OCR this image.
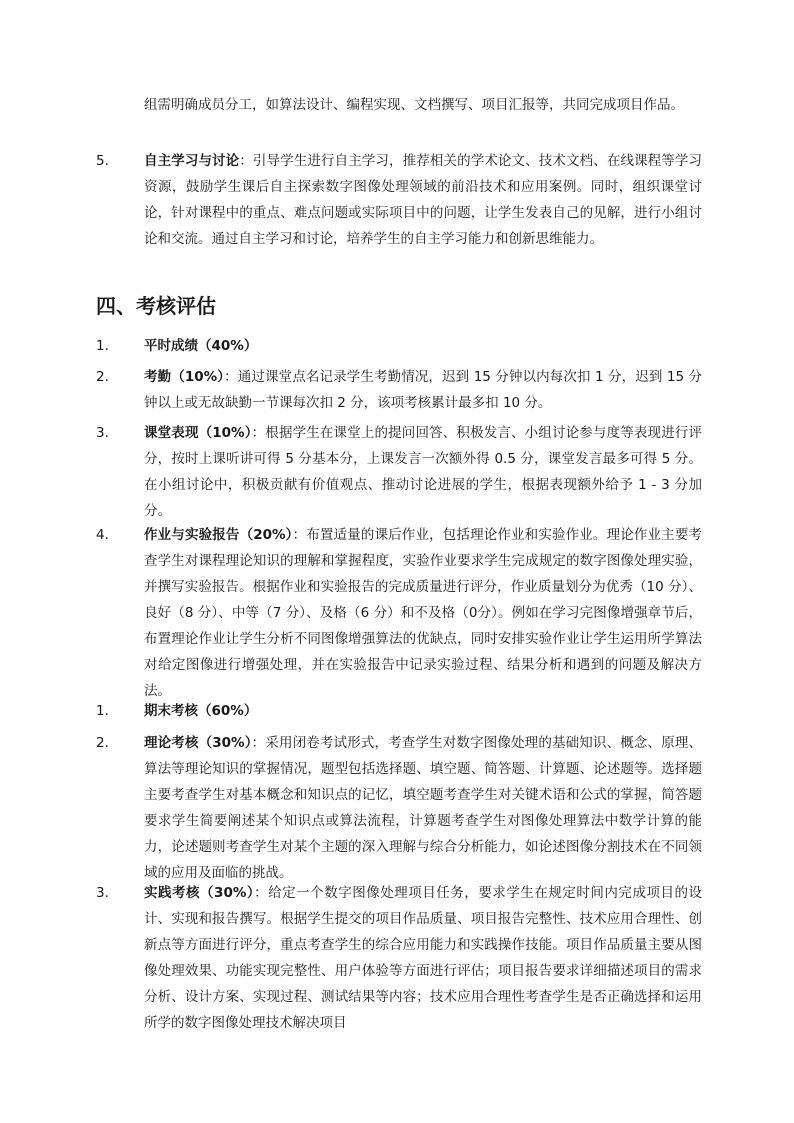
组需明确成员分工，如算法设计、编程实现、文档撰写、项目汇报等，共同完成项目作品。
5.	自主学习与讨论：引导学生进行自主学习，推荐相关的学术论文、技术文档、在线课程等学习资源，鼓励学生课后自主探索数字图像处理领域的前沿技术和应用案例。同时，组织课堂讨论，针对课程中的重点、难点问题或实际项目中的问题，让学生发表自己的见解，进行小组讨论和交流。通过自主学习和讨论，培养学生的自主学习能力和创新思维能力。
四、考核评估
1.	平时成绩（40%）
2.	考勤（10%）：通过课堂点名记录学生考勤情况，迟到 15 分钟以内每次扣 1 分，迟到 15 分钟以上或无故缺勤一节课每次扣 2 分，该项考核累计最多扣 10 分。
3.	课堂表现（10%）：根据学生在课堂上的提问回答、积极发言、小组讨论参与度等表现进行评分，按时上课听讲可得 5 分基本分，上课发言一次额外得 0.5 分，课堂发言最多可得 5 分。在小组讨论中，积极贡献有价值观点、推动讨论进展的学生，根据表现额外给予 1 - 3 分加分。
4.	作业与实验报告（20%）：布置适量的课后作业，包括理论作业和实验作业。理论作业主要考查学生对课程理论知识的理解和掌握程度，实验作业要求学生完成规定的数字图像处理实验，并撰写实验报告。根据作业和实验报告的完成质量进行评分，作业质量划分为优秀（10 分）、良好（8 分）、中等（7 分）、及格（6 分）和不及格（0分）。例如在学习完图像增强章节后，布置理论作业让学生分析不同图像增强算法的优缺点，同时安排实验作业让学生运用所学算法对给定图像进行增强处理，并在实验报告中记录实验过程、结果分析和遇到的问题及解决方法。
1.	期末考核（60%）
2.	理论考核（30%）：采用闭卷考试形式，考查学生对数字图像处理的基础知识、概念、原理、算法等理论知识的掌握情况，题型包括选择题、填空题、简答题、计算题、论述题等。选择题主要考查学生对基本概念和知识点的记忆，填空题考查学生对关键术语和公式的掌握，简答题要求学生简要阐述某个知识点或算法流程，计算题考查学生对图像处理算法中数学计算的能力，论述题则考查学生对某个主题的深入理解与综合分析能力，如论述图像分割技术在不同领域的应用及面临的挑战。
3.	实践考核（30%）：给定一个数字图像处理项目任务，要求学生在规定时间内完成项目的设计、实现和报告撰写。根据学生提交的项目作品质量、项目报告完整性、技术应用合理性、创新点等方面进行评分，重点考查学生的综合应用能力和实践操作技能。项目作品质量主要从图像处理效果、功能实现完整性、用户体验等方面进行评估；项目报告要求详细描述项目的需求分析、设计方案、实现过程、测试结果等内容；技术应用合理性考查学生是否正确选择和运用所学的数字图像处理技术解决项目
